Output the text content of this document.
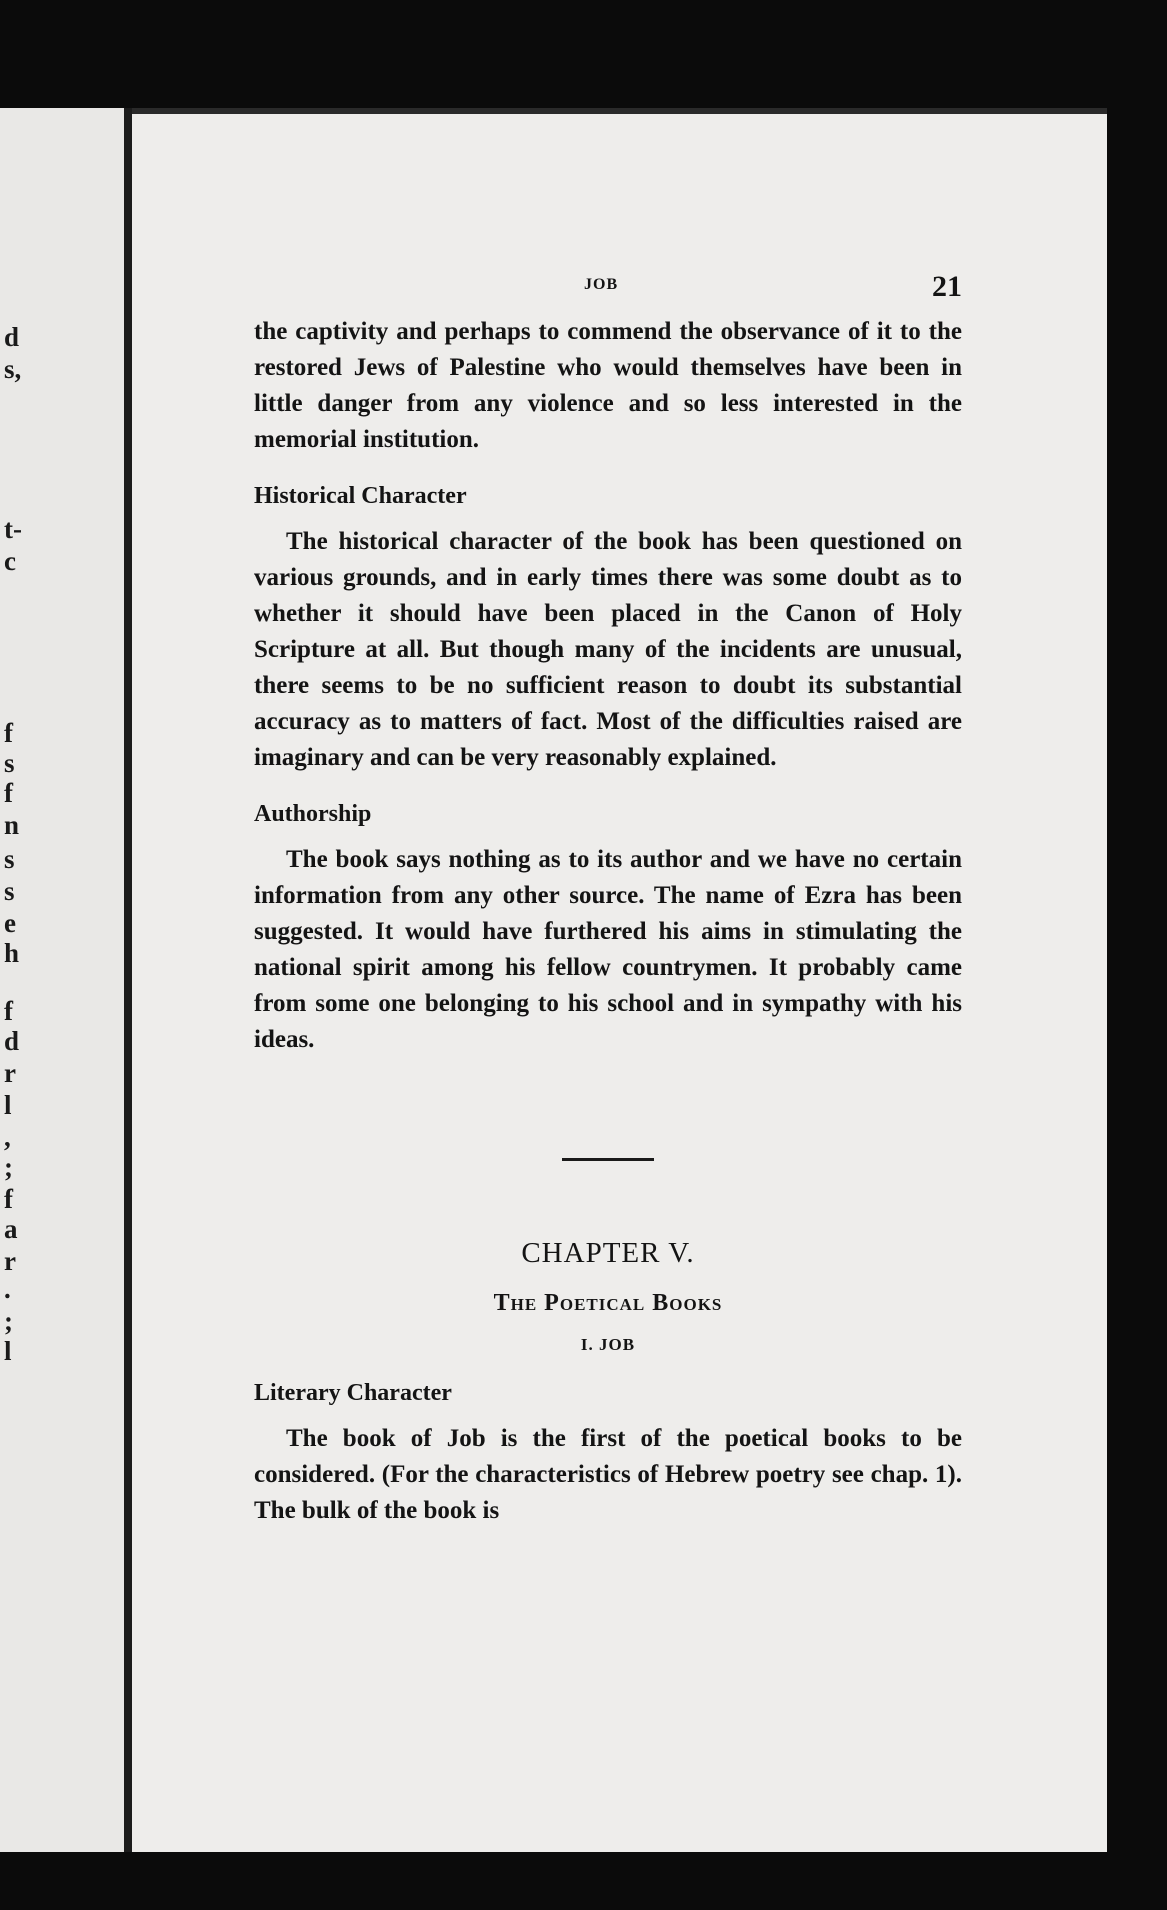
d
s,
t-
c
f
s
f
n
s
s
e
h
f
d
r
l
,
;
f
a
r
.
;
l
JOB	21

the captivity and perhaps to commend the observance of it to the restored Jews of Palestine who would themselves have been in little danger from any violence and so less interested in the memorial institution.

Historical Character

The historical character of the book has been questioned on various grounds, and in early times there was some doubt as to whether it should have been placed in the Canon of Holy Scripture at all. But though many of the incidents are unusual, there seems to be no sufficient reason to doubt its substantial accuracy as to matters of fact. Most of the difficulties raised are imaginary and can be very reasonably explained.

Authorship

The book says nothing as to its author and we have no certain information from any other source. The name of Ezra has been suggested. It would have furthered his aims in stimulating the national spirit among his fellow countrymen. It probably came from some one belonging to his school and in sympathy with his ideas.

CHAPTER V.
The Poetical Books
I. JOB
Literary Character

The book of Job is the first of the poetical books to be considered. (For the characteristics of Hebrew poetry see chap. 1). The bulk of the book is
